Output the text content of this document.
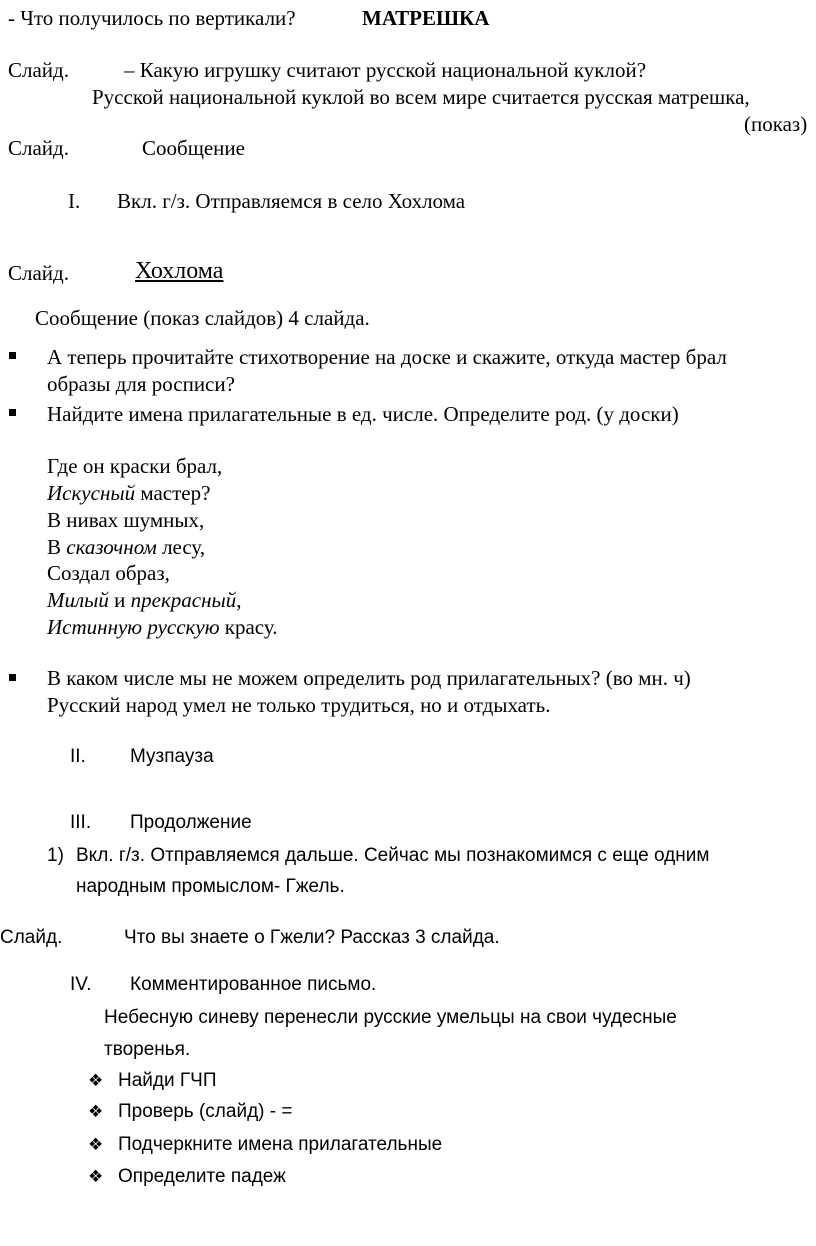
- Что получилось по вертикали?	МАТРЕШКА
Слайд.	– Какую игрушку считают русской национальной куклой?
Русской национальной куклой во всем мире считается русская матрешка,
(показ)
Слайд.	Сообщение
I. Вкл. г/з. Отправляемся в село Хохлома
Слайд.	Хохлома
Сообщение (показ слайдов) 4 слайда.
А теперь прочитайте стихотворение на доске и скажите, откуда мастер брал
образы для росписи?
Найдите имена прилагательные в ед. числе. Определите род. (у доски)
Где он краски брал,
Искусный мастер?
В нивах шумных,
В сказочном лесу,
Создал образ,
Милый и прекрасный,
Истинную русскую красу.
В каком числе мы не можем определить род прилагательных? (во мн. ч)
Русский народ умел не только трудиться, но и отдыхать.
II. Музпауза
III. Продолжение
1) Вкл. г/з. Отправляемся дальше. Сейчас мы познакомимся с еще одним
народным промыслом- Гжель.
Слайд.	Что вы знаете о Гжели? Рассказ 3 слайда.
IV. Комментированное письмо.
Небесную синеву перенесли русские умельцы на свои чудесные
творенья.
❖ Найди ГЧП
❖ Проверь (слайд) - =
❖ Подчеркните имена прилагательные
❖ Определите падеж
